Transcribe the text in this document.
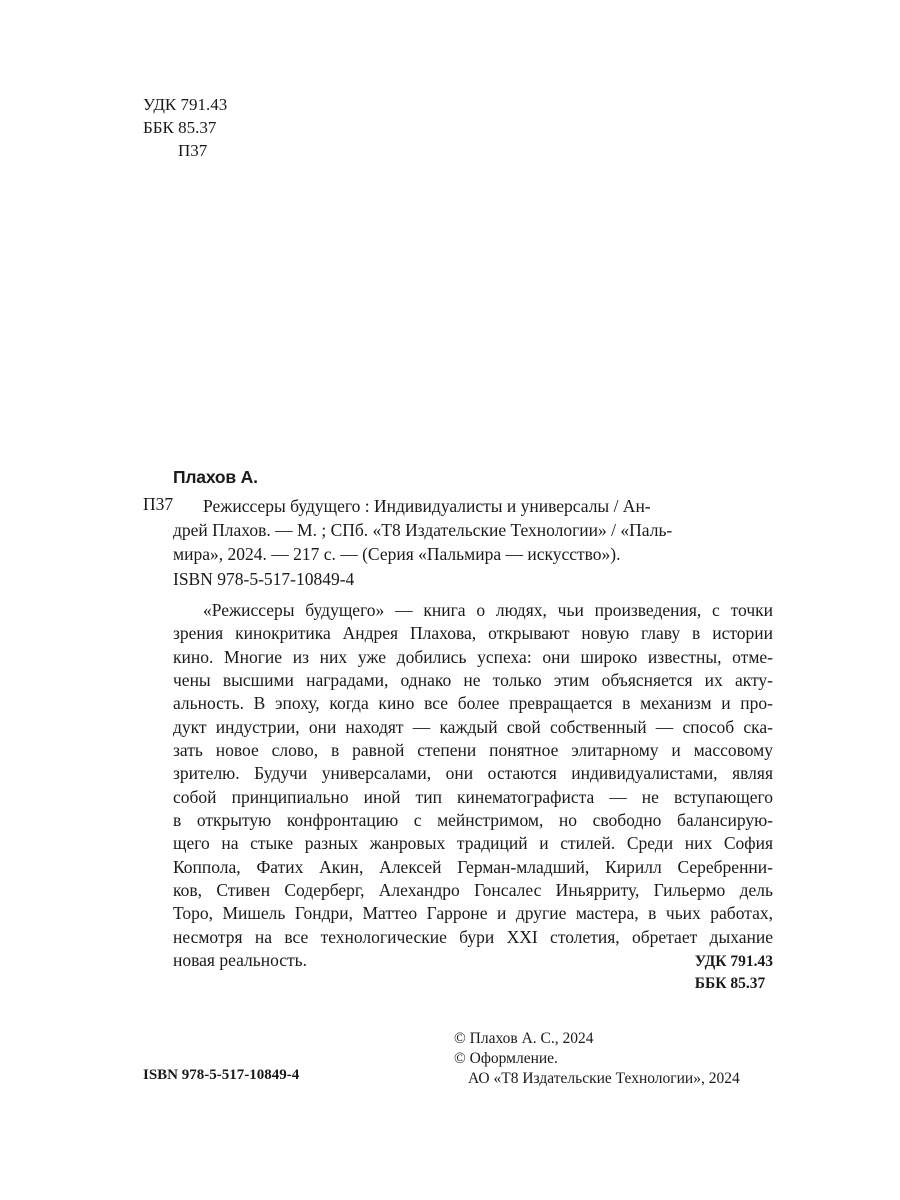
УДК 791.43
ББК 85.37
П37
Плахов А.
П37 Режиссеры будущего : Индивидуалисты и универсалы / Ан-
дрей Плахов. — М. ; СПб. «Т8 Издательские Технологии» / «Паль-
мира», 2024. — 217 с. — (Серия «Пальмира — искусство»).
ISBN 978-5-517-10849-4
«Режиссеры будущего» — книга о людях, чьи произведения, с точки
зрения кинокритика Андрея Плахова, открывают новую главу в истории
кино. Многие из них уже добились успеха: они широко известны, отме-
чены высшими наградами, однако не только этим объясняется их акту-
альность. В эпоху, когда кино все более превращается в механизм и про-
дукт индустрии, они находят — каждый свой собственный — способ ска-
зать новое слово, в равной степени понятное элитарному и массовому
зрителю. Будучи универсалами, они остаются индивидуалистами, являя
собой принципиально иной тип кинематографиста — не вступающего
в открытую конфронтацию с мейнстримом, но свободно балансирую-
щего на стыке разных жанровых традиций и стилей. Среди них София
Коппола, Фатих Акин, Алексей Герман-младший, Кирилл Серебренни-
ков, Стивен Содерберг, Алехандро Гонсалес Иньярриту, Гильермо дель
Торо, Мишель Гондри, Маттео Гарроне и другие мастера, в чьих работах,
несмотря на все технологические бури XXI столетия, обретает дыхание
новая реальность.	УДК 791.43
ББК 85.37
© Плахов А. С., 2024
© Оформление.
АО «Т8 Издательские Технологии», 2024
ISBN 978-5-517-10849-4
